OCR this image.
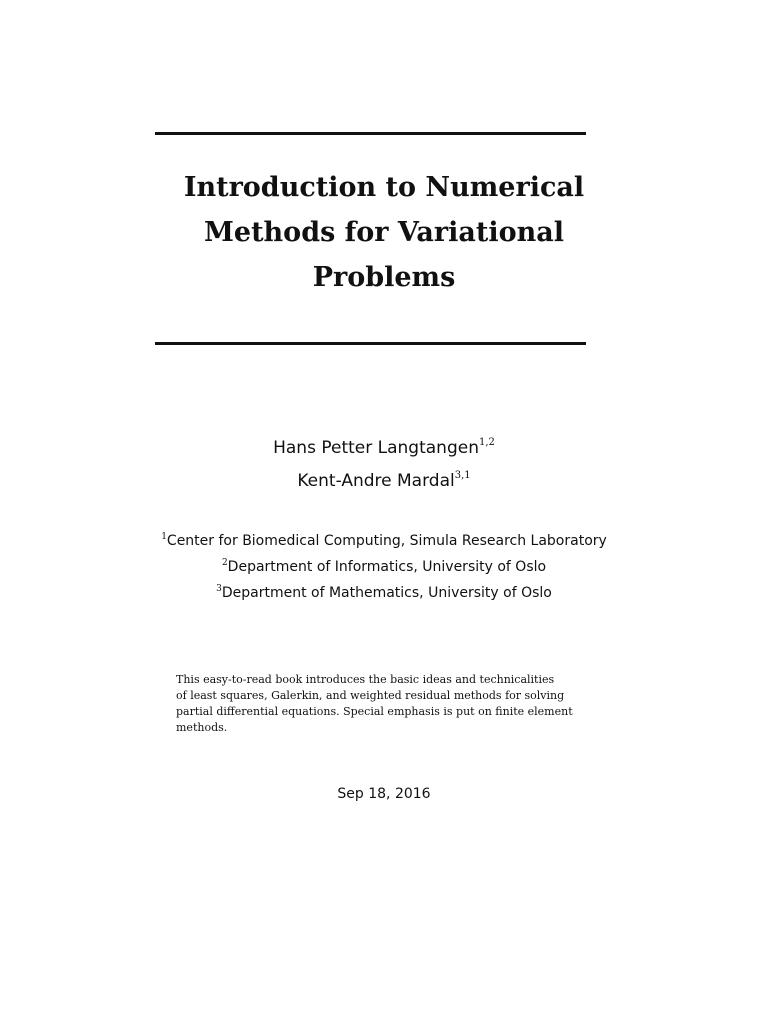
Introduction to Numerical
Methods for Variational
Problems
Hans Petter Langtangen$^{1,2}$
Kent-Andre Mardal$^{3,1}$
$^1$Center for Biomedical Computing, Simula Research Laboratory
$^2$Department of Informatics, University of Oslo
$^3$Department of Mathematics, University of Oslo
This easy-to-read book introduces the basic ideas and technicalities
of least squares, Galerkin, and weighted residual methods for solving
partial differential equations. Special emphasis is put on finite element
methods.
Sep 18, 2016
